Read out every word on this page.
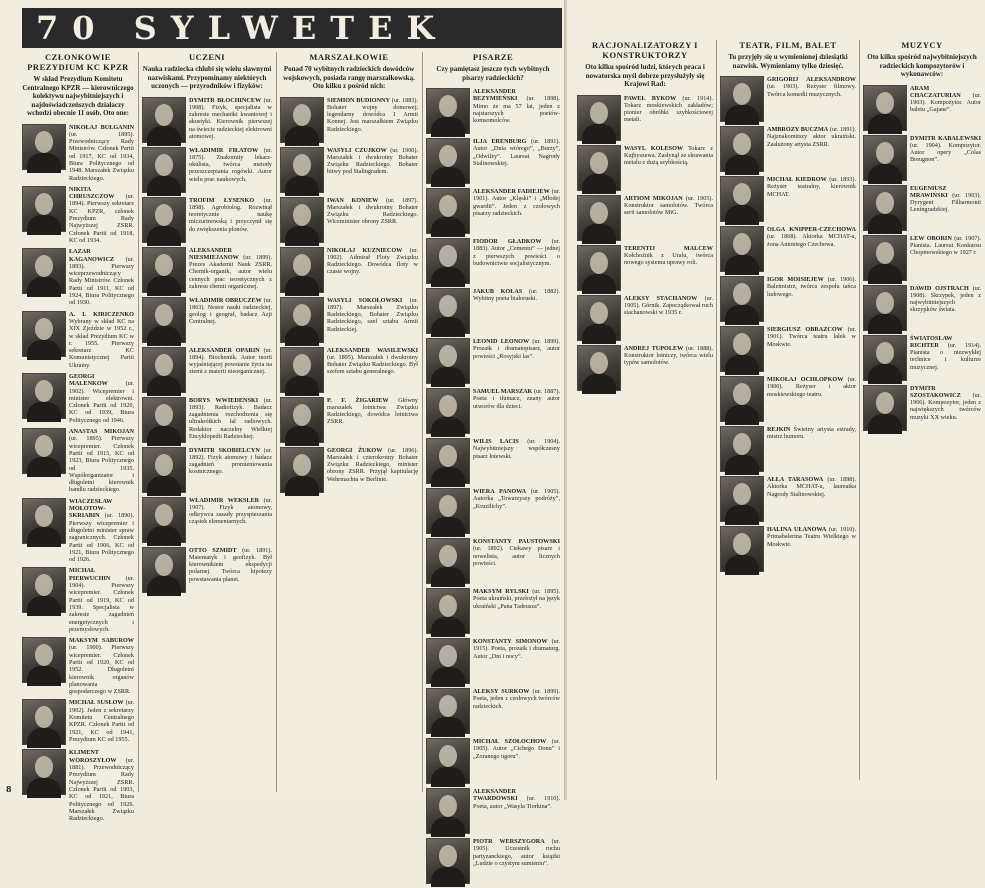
70 SYLWETEK
CZŁONKOWIE PREZYDIUM KC KPZR
W skład Prezydium Komitetu Centralnego KPZR — kierowniczego kolektywu najwybitniejszych i najdoświadczeńszych działaczy wchodzi obecnie 11 osób. Oto one:
NIKOŁAJ BUŁGANIN (ur. 1895). Przewodniczący Rady Ministrów. Członek Partii od 1917, KC od 1934, Biura Politycznego od 1948. Marszałek Związku Radzieckiego.
NIKITA CHRUSZCZOW (ur. 1894). Pierwszy sekretarz KC KPZR, członek Prezydium Rady Najwyższej ZSRR. Członek Partii od 1918, KC od 1934.
ŁAZAR KAGANOWICZ (ur. 1893). Pierwszy wiceprzewodniczący Rady Ministrów. Członek Partii od 1911, KC od 1924, Biura Politycznego od 1930.
A. I. KIRICZENKO Wybrany w skład KC na XIX Zjeździe w 1952 r., w skład Prezydium KC w r. 1955. Pierwszy sekretarz KC Komunistycznej Partii Ukrainy.
GEORGI MALENKOW	(ur. 1902). Wicepremier i minister elektrowni. Członek Partii od 1920, KC od 1939, Biura Politycznego od 1946.
ANASTAS MIKOJAN (ur. 1895). Pierwszy wicepremier. Członek Partii od 1915, KC od 1923, Biura Politycznego od 1935. Współorganizator i długoletni kierownik handlu radzieckiego.
WIACZESŁAW MOŁOTOW-SKRIABIN (ur. 1890). Pierwszy wicepremier i długoletni minister spraw zagranicznych. Członek Partii od 1906, KC od 1921, Biura Politycznego od 1926.
MICHAŁ PIERWUCHIN (ur. 1904). Pierwszy wicepremier. Członek Partii od 1919, KC od 1939. Specjalista w zakresie zagadnień energetycznych i przemysłowych.
MAKSYM SABUROW (ur. 1900). Pierwszy wicepremier. Członek Partii od 1920, KC od 1952. Długoletni kierownik organów planowania gospodarczego w ZSRR.
MICHAŁ SUSŁOW (ur. 1902). Jeden z sekretarzy Komitetu Centralnego KPZR. Członek Partii od 1921, KC od 1941, Prezydium KC od 1955.
KLIMENT WOROSZYŁOW (ur. 1881). Przewodniczący Prezydium Rady Najwyższej ZSRR. Członek Partii od 1903, KC od 1921, Biura Politycznego od 1926. Marszałek Związku Radzieckiego.
UCZENI
Nauka radziecka chlubi się wielu sławnymi nazwiskami. Przypominamy niektórych uczonych — przyrodników i fizyków:
DYMITR BŁOCHINCEW (ur. 1908). Fizyk, specjalista w zakresie mechaniki kwantowej i akustyki. Kierownik pierwszej na świecie radzieckiej elektrowni atomowej.
WŁADIMIR FIŁATOW (ur. 1875). Znakomity lekarz-okulista, twórca metody przeszczepiania rogówki. Autor wielu prac naukowych.
TROFIM ŁYSENKO (ur. 1898). Agrobiolog. Rozwinął teoretycznie naukę miczurinowską i przyczynił się do zwiększenia plonów.
ALEKSANDER NIESMIEJANOW (ur. 1899). Prezes Akademii Nauk ZSRR. Chemik-organik, autor wielu cennych prac teoretycznych z zakresu chemii organicznej.
WŁADIMIR OBRUCZEW (ur. 1863). Nestor nauki radzieckiej, geolog i geograf, badacz Azji Centralnej.
ALEKSANDER OPARIN (ur. 1894). Biochemik. Autor teorii wyjaśniającej powstanie życia na ziemi z materii nieorganicznej.
BORYS WWIEDENSKI (ur. 1893). Radiofizyk. Badacz zagadnienia rozchodzenia się ultrakrótkich fal radiowych. Redaktor naczelny Wielkiej Encyklopedii Radzieckiej.
DYMITR SKOBIELCYN (ur. 1892). Fizyk atomowy i badacz zagadnień promieniowania kosmicznego.
WŁADIMIR WEKSLER (ur. 1907). Fizyk atomowy, odkrywca zasady przyspieszania cząstek elementarnych.
OTTO SZMIDT (ur. 1891). Matematyk i geofizyk. Był kierownikiem ekspedycji polarnej. Twórca hipotezy powstawania planet.
MARSZAŁKOWIE
Ponad 70 wybitnych radzieckich dowódców wojskowych, posiada rangę marszałkowską. Oto kilku z pośród nich:
SIEMION BUDIONNY (ur. 1883). Bohater wojny domowej; legendarny dowódca I Armii Konnej. Jest marszałkiem Związku Radzieckiego.
WASYLI CZUJKOW (ur. 1900). Marszałek i dwukrotny Bohater Związku Radzieckiego. Bohater bitwy pod Stalingradem.
IWAN KONIEW (ur. 1897). Marszałek i dwukrotny Bohater Związku Radzieckiego. Wiceminister obrony ZSRR.
NIKOŁAJ KUZNIECOW (ur. 1902). Admirał Floty Związku Radzieckiego. Dowódca floty w czasie wojny.
WASYLI SOKOŁOWSKI (ur. 1897). Marszałek Związku Radzieckiego, Bohater Związku Radzieckiego, szef sztabu Armii Radzieckiej.
ALEKSANDER WASILEWSKI (ur. 1895). Marszałek i dwukrotny Bohater Związku Radzieckiego. Był szefem sztabu generalnego.
P. F. ŻIGARIEW Główny marszałek lotnictwa Związku Radzieckiego, dowódca lotnictwa ZSRR.
GEORGI ŻUKOW (ur. 1896). Marszałek i czterokrotny Bohater Związku Radzieckiego, minister obrony ZSRR. Przyjął kapitulację Wehrmachtu w Berlinie.
PISARZE
Czy pamiętasz jeszcze tych wybitnych pisarzy radzieckich?
ALEKSANDER BEZYMIEŃSKI (ur. 1898). Mimo że ma 57 lat, jeden z najstarszych poetów-komsomolców.
ILJA ERENBURG (ur. 1891). Autor „Dnia wtórego”, „Burzy”, „Odwilży”. Laureat Nagrody Stalinowskiej.
ALEKSANDER FADIEJEW (ur. 1901). Autor „Klęski” i „Młodej gwardii”. Jeden z czołowych pisarzy radzieckich.
FIODOR GŁADKOW (ur. 1883). Autor „Cementu” — jednej z pierwszych powieści o budownictwie socjalistycznym.
JAKUB KOŁAS (ur. 1882). Wybitny poeta białoruski.
LEONID LEONOW (ur. 1899). Prozaik i dramatopisarz, autor powieści „Rosyjski las”.
SAMUEL MARSZAK (ur. 1887). Poeta i tłumacz, znany autor utworów dla dzieci.
WILIS ŁACIS (ur. 1904). Najwybitniejszy współczesny pisarz łotewski.
WIERA PANOWA (ur. 1905). Autorka „Towarzyszy podróży”, „Kruzilichy”.
KONSTANTY PAUSTOWSKI (ur. 1892). Ciekawy pisarz i nowelista, autor licznych powieści.
MAKSYM RYLSKI (ur. 1895). Poeta ukraiński, przełożył na język ukraiński „Pana Tadeusza”.
KONSTANTY SIMONOW (ur. 1915). Poeta, prozaik i dramaturg. Autor „Dni i nocy”.
ALEKSY SURKOW (ur. 1899). Poeta, jeden z czołowych twórców radzieckich.
MICHAŁ SZOŁOCHOW (ur. 1905). Autor „Cichego Donu” i „Zoranego ugoru”.
ALEKSANDER TWARDOWSKI (ur. 1910). Poeta, autor „Wasyla Tiorkina”.
PIOTR WERSZYGORA (ur. 1905). Uczestnik ruchu partyzanckiego, autor książki „Ludzie o czystym sumieniu”.
8
RACJONALIZATORZY I KONSTRUKTORZY
Oto kilku spośród ludzi, których praca i nowatorska myśl dobrze przysłużyły się Krajowi Rad:
PAWEŁ BYKOW (ur. 1914). Tokarz moskiewskich zakładów; pionier obróbki szybkościowej metali.
WASYL KOLESOW Tokarz z Kujbyszewa. Zasłynął ze skrawania metalu z dużą szybkością.
ARTIOM MIKOJAN (ur. 1905). Konstruktor samolotów. Twórca serii samolotów MiG.
TERENTIJ MALCEW Kołchoźnik z Uralu, twórca nowego systemu uprawy roli.
ALEKSY STACHANOW (ur. 1905). Górnik. Zapoczątkował ruch stachanowski w 1935 r.
ANDREJ TUPOLEW (ur. 1888). Konstruktor lotniczy, twórca wielu typów samolotów.
TEATR, FILM, BALET
Tu przyjęły się u wymienionej dziesiątki nazwisk. Wymieniamy tylko dziesięć.
GRIGORIJ ALEKSANDROW (ur. 1903). Reżyser filmowy. Twórca komedii muzycznych.
AMBROZY BUCZMA (ur. 1891). Najznakomitszy aktor ukraiński. Zasłużony artysta ZSRR.
MICHAŁ KIEDROW (ur. 1893). Reżyser teatralny, kierownik MCHAT.
OLGA KNIPPER-CZECHOWA (ur. 1868). Aktorka MCHAT-u, żona Antoniego Czechowa.
IGOR MOISIEJEW (ur. 1906). Baletmistrz, twórca zespołu tańca ludowego.
SIERGIUSZ OBRAZCOW (ur. 1901). Twórca teatru lalek w Moskwie.
MIKOŁAJ OCHŁOPKOW (ur. 1900). Reżyser i aktor moskiewskiego teatru.
REJKIN Świetny artysta estrady, mistrz humoru.
AŁŁA TARASOWA (ur. 1898). Aktorka MCHAT-u, laureatka Nagrody Stalinowskiej.
HALINA UŁANOWA (ur. 1910). Primabalerina Teatru Wielkiego w Moskwie.
MUZYCY
Oto kilku spośród najwybitniejszych radzieckich kompozytorów i wykonawców:
ARAM CHACZATURIAN (ur. 1903). Kompozytor. Autor baletu „Gajane”.
DYMITR KABALEWSKI (ur. 1904). Kompozytor. Autor opery „Colas Breugnon”.
EUGENIUSZ MRAWIŃSKI (ur. 1903). Dyrygent Filharmonii Leningradzkiej.
LEW OBORIN (ur. 1907). Pianista. Laureat Konkursu Chopinowskiego w 1927 r.
DAWID OJSTRACH (ur. 1908). Skrzypek, jeden z najwybitniejszych skrzypków świata.
ŚWIATOSŁAW RICHTER (ur. 1914). Pianista o niezwykłej technice i kulturze muzycznej.
DYMITR SZOSTAKOWICZ (ur. 1906). Kompozytor, jeden z największych twórców muzyki XX wieku.
